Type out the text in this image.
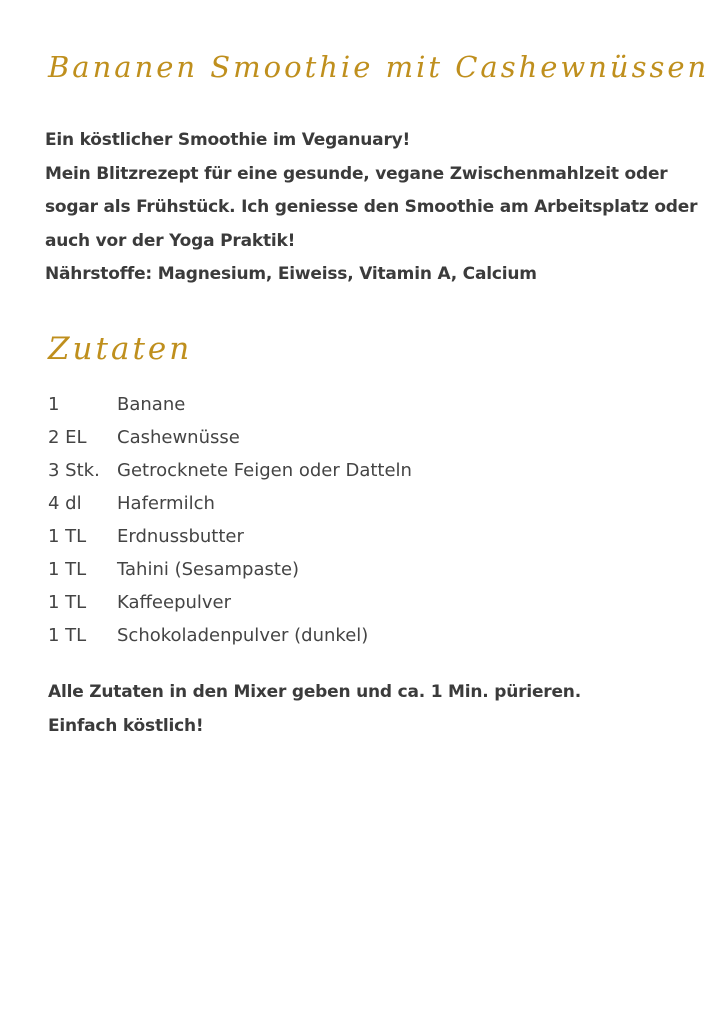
Bananen Smoothie mit Cashewnüssen
Ein köstlicher Smoothie im Veganuary!
Mein Blitzrezept für eine gesunde, vegane Zwischenmahlzeit oder
sogar als Frühstück. Ich geniesse den Smoothie am Arbeitsplatz oder
auch vor der Yoga Praktik!
Nährstoffe: Magnesium, Eiweiss, Vitamin A, Calcium
Zutaten
1	Banane
2 EL	Cashewnüsse
3 Stk. Getrocknete Feigen oder Datteln
4 dl	Hafermilch
1 TL	Erdnussbutter
1 TL	Tahini (Sesampaste)
1 TL	Kaffeepulver
1 TL	Schokoladenpulver (dunkel)
Alle Zutaten in den Mixer geben und ca. 1 Min. pürieren.
Einfach köstlich!
